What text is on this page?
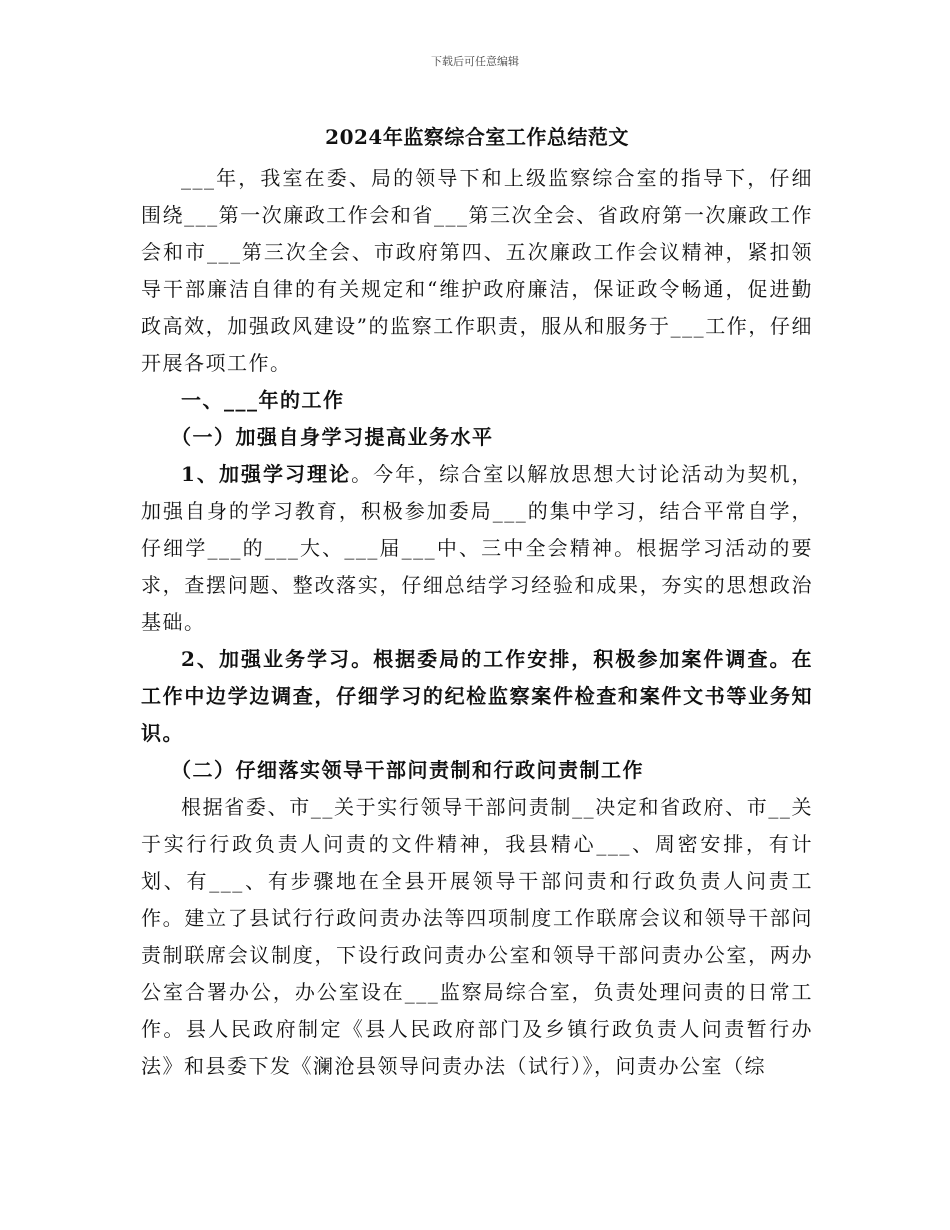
下载后可任意编辑
2024年监察综合室工作总结范文

___年，我室在委、局的领导下和上级监察综合室的指导下，仔细围绕___第一次廉政工作会和省___第三次全会、省政府第一次廉政工作会和市___第三次全会、市政府第四、五次廉政工作会议精神，紧扣领导干部廉洁自律的有关规定和“维护政府廉洁，保证政令畅通，促进勤政高效，加强政风建设”的监察工作职责，服从和服务于___工作，仔细开展各项工作。

一、___年的工作

（一）加强自身学习提高业务水平

1、加强学习理论。今年，综合室以解放思想大讨论活动为契机，加强自身的学习教育，积极参加委局___的集中学习，结合平常自学，仔细学___的___大、___届___中、三中全会精神。根据学习活动的要求，查摆问题、整改落实，仔细总结学习经验和成果，夯实的思想政治基础。

2、加强业务学习。根据委局的工作安排，积极参加案件调查。在工作中边学边调查，仔细学习的纪检监察案件检查和案件文书等业务知识。

（二）仔细落实领导干部问责制和行政问责制工作

根据省委、市__关于实行领导干部问责制__决定和省政府、市__关于实行行政负责人问责的文件精神，我县精心___、周密安排，有计划、有___、有步骤地在全县开展领导干部问责和行政负责人问责工作。建立了县试行行政问责办法等四项制度工作联席会议和领导干部问责制联席会议制度，下设行政问责办公室和领导干部问责办公室，两办公室合署办公，办公室设在___监察局综合室，负责处理问责的日常工作。县人民政府制定《县人民政府部门及乡镇行政负责人问责暂行办法》和县委下发《澜沧县领导问责办法（试行）》，问责办公室（综
